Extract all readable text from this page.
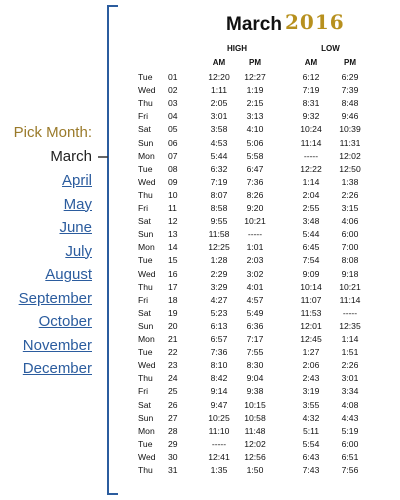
Pick Month:
March
April
May
June
July
August
September
October
November
December
March 2016
HIGH	LOW
AM	PM	AM	PM
Tue 01	12:20	12:27	6:12	6:29
Wed 02	1:11	1:19	7:19	7:39
Thu 03	2:05	2:15	8:31	8:48
Fri 04	3:01	3:13	9:32	9:46
Sat 05	3:58	4:10	10:24	10:39
Sun 06	4:53	5:06	11:14	11:31
Mon 07	5:44	5:58	-----	12:02
Tue 08	6:32	6:47	12:22	12:50
Wed 09	7:19	7:36	1:14	1:38
Thu 10	8:07	8:26	2:04	2:26
Fri 11	8:58	9:20	2:55	3:15
Sat 12	9:55	10:21	3:48	4:06
Sun 13	11:58	-----	5:44	6:00
Mon 14	12:25	1:01	6:45	7:00
Tue 15	1:28	2:03	7:54	8:08
Wed 16	2:29	3:02	9:09	9:18
Thu 17	3:29	4:01	10:14	10:21
Fri 18	4:27	4:57	11:07	11:14
Sat 19	5:23	5:49	11:53	-----
Sun 20	6:13	6:36	12:01	12:35
Mon 21	6:57	7:17	12:45	1:14
Tue 22	7:36	7:55	1:27	1:51
Wed 23	8:10	8:30	2:06	2:26
Thu 24	8:42	9:04	2:43	3:01
Fri 25	9:14	9:38	3:19	3:34
Sat 26	9:47	10:15	3:55	4:08
Sun 27	10:25	10:58	4:32	4:43
Mon 28	11:10	11:48	5:11	5:19
Tue 29	-----	12:02	5:54	6:00
Wed 30	12:41	12:56	6:43	6:51
Thu 31	1:35	1:50	7:43	7:56
